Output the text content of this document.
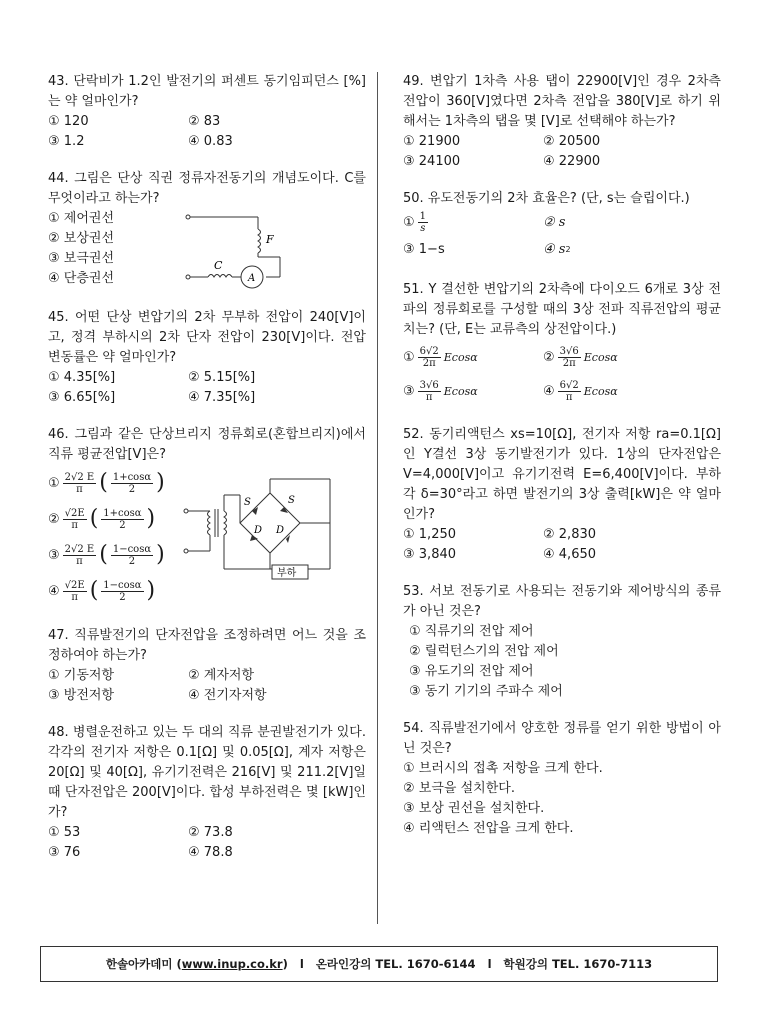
43. 단락비가 1.2인 발전기의 퍼센트 동기임피던스 [%]는 약 얼마인가?
① 120	② 83
③ 1.2	④ 0.83
44. 그림은 단상 직권 정류자전동기의 개념도이다. C를 무엇이라고 하는가?
① 제어권선
② 보상권선
③ 보극권선
④ 단층권선
F
C
A
45. 어떤 단상 변압기의 2차 무부하 전압이 240[V]이고, 정격 부하시의 2차 단자 전압이 230[V]이다. 전압 변동률은 약 얼마인가?
① 4.35[%]	② 5.15[%]
③ 6.65[%]	④ 7.35[%]
46. 그림과 같은 단상브리지 정류회로(혼합브리지)에서 직류 평균전압[V]은?
① $\frac{2√2 E}{\pi}$ ( $\frac{1+\cos\alpha}{2}$ )
② $\frac{√2E}{\pi}$ ( $\frac{1+\cos\alpha}{2}$ )
③ $\frac{2√2 E}{\pi}$ ( $\frac{1-\cos\alpha}{2}$ )
④ $\frac{√2E}{\pi}$ ( $\frac{1-\cos\alpha}{2}$ )
S	S
D D
부하
47. 직류발전기의 단자전압을 조정하려면 어느 것을 조정하여야 하는가?
① 기동저항	② 계자저항
③ 방전저항	④ 전기자저항
48. 병렬운전하고 있는 두 대의 직류 분권발전기가 있다. 각각의 전기자 저항은 0.1[Ω] 및 0.05[Ω], 계자 저항은 20[Ω] 및 40[Ω], 유기기전력은 216[V] 및 211.2[V]일 때 단자전압은 200[V]이다. 합성 부하전력은 몇 [kW]인가?
① 53	② 73.8
③ 76	④ 78.8
49. 변압기 1차측 사용 탭이 22900[V]인 경우 2차측 전압이 360[V]였다면 2차측 전압을 380[V]로 하기 위해서는 1차측의 탭을 몇 [V]로 선택해야 하는가?
① 21900	② 20500
③ 24100	④ 22900
50. 유도전동기의 2차 효율은? (단, s는 슬립이다.)
① $\frac{1}{s}$	② s
③ 1−s	④ s 2
51. Y 결선한 변압기의 2차측에 다이오드 6개로 3상 전파의 정류회로를 구성할 때의 3상 전파 직류전압의 평균치는? (단, E는 교류측의 상전압이다.)
① $\frac{6√2}{2\pi}$ Ecosα	② $\frac{3√6}{2\pi}$ Ecosα
③ $\frac{3√6}{\pi}$ Ecosα	④ $\frac{6√2}{\pi}$ Ecosα
52. 동기리액턴스 xs=10[Ω], 전기자 저항 ra=0.1[Ω]인 Y결선 3상 동기발전기가 있다. 1상의 단자전압은 V=4,000[V]이고 유기기전력 E=6,400[V]이다. 부하각 δ=30°라고 하면 발전기의 3상 출력[kW]은 약 얼마인가?
① 1,250	② 2,830
③ 3,840	④ 4,650
53. 서보 전동기로 사용되는 전동기와 제어방식의 종류가 아닌 것은?
① 직류기의 전압 제어
② 릴럭턴스기의 전압 제어
③ 유도기의 전압 제어
③ 동기 기기의 주파수 제어
54. 직류발전기에서 양호한 정류를 얻기 위한 방법이 아닌 것은?
① 브러시의 접촉 저항을 크게 한다.
② 보극을 설치한다.
③ 보상 권선을 설치한다.
④ 리액턴스 전압을 크게 한다.
한솔아카데미 ( www.inup.co.kr ) l 온라인강의 TEL. 1670-6144 l 학원강의 TEL. 1670-7113
